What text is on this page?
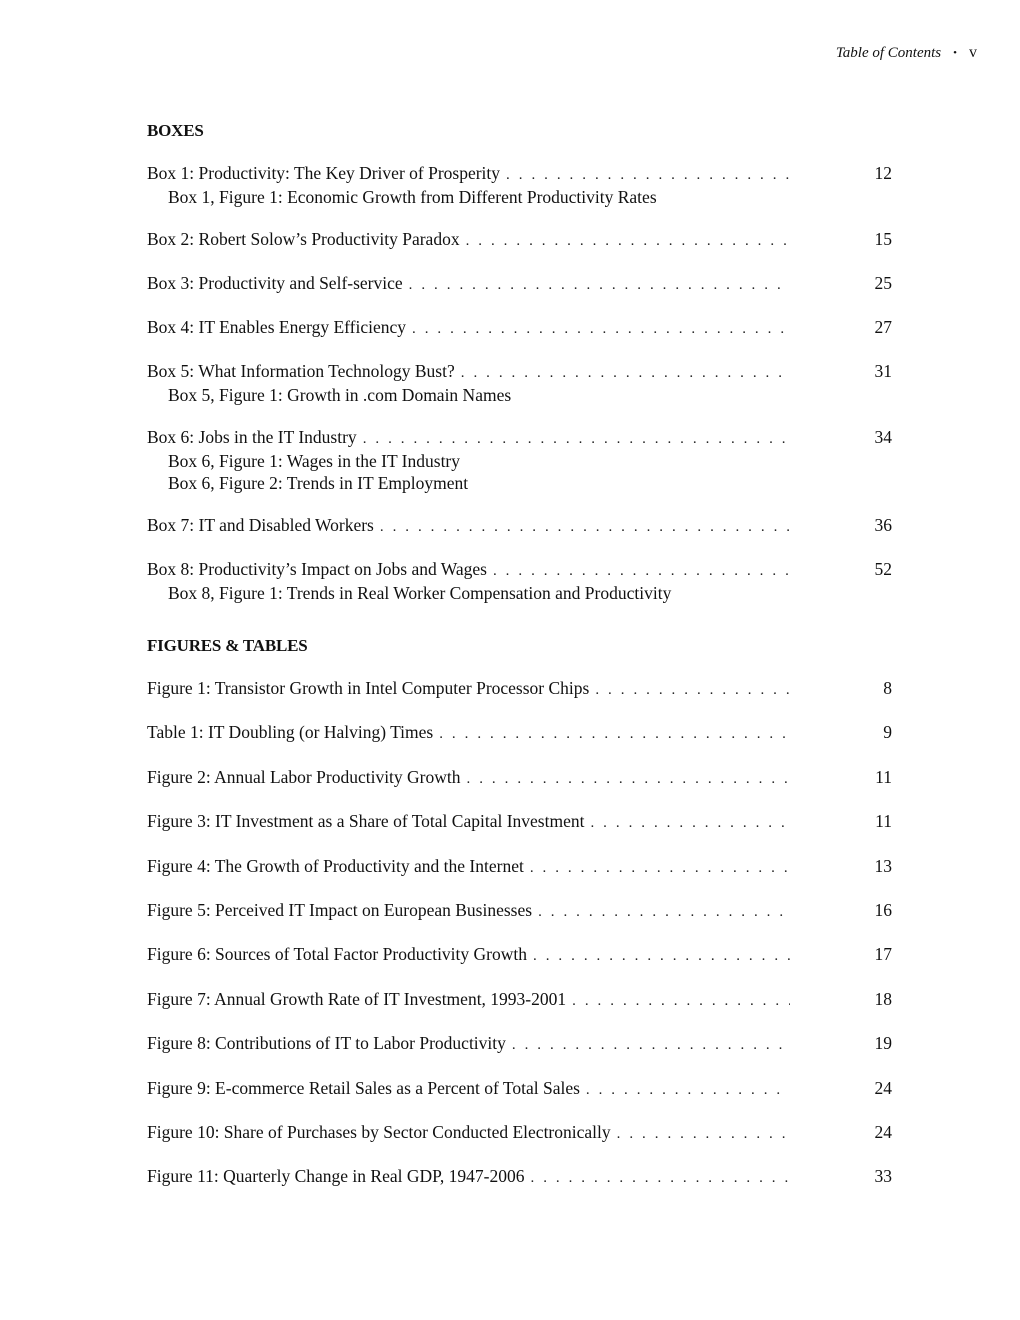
Table of Contents • v
BOXES
Box 1: Productivity: The Key Driver of Prosperity . . .	12
Box 1, Figure 1: Economic Growth from Different Productivity Rates
Box 2: Robert Solow’s Productivity Paradox . . .	15
Box 3: Productivity and Self-service . . .	25
Box 4: IT Enables Energy Efficiency . . .	27
Box 5: What Information Technology Bust? . . .	31
Box 5, Figure 1: Growth in .com Domain Names
Box 6: Jobs in the IT Industry . . .	34
Box 6, Figure 1: Wages in the IT Industry
Box 6, Figure 2: Trends in IT Employment
Box 7: IT and Disabled Workers . . .	36
Box 8: Productivity’s Impact on Jobs and Wages . . .	52
Box 8, Figure 1: Trends in Real Worker Compensation and Productivity
FIGURES & TABLES
Figure 1: Transistor Growth in Intel Computer Processor Chips . . .	8
Table 1: IT Doubling (or Halving) Times . . .	9
Figure 2: Annual Labor Productivity Growth . . .	11
Figure 3: IT Investment as a Share of Total Capital Investment . . .	11
Figure 4: The Growth of Productivity and the Internet . . .	13
Figure 5: Perceived IT Impact on European Businesses . . .	16
Figure 6: Sources of Total Factor Productivity Growth . . .	17
Figure 7: Annual Growth Rate of IT Investment, 1993-2001 . . .	18
Figure 8: Contributions of IT to Labor Productivity . . .	19
Figure 9: E-commerce Retail Sales as a Percent of Total Sales . . .	24
Figure 10: Share of Purchases by Sector Conducted Electronically . . .	24
Figure 11: Quarterly Change in Real GDP, 1947-2006 . . .	33
